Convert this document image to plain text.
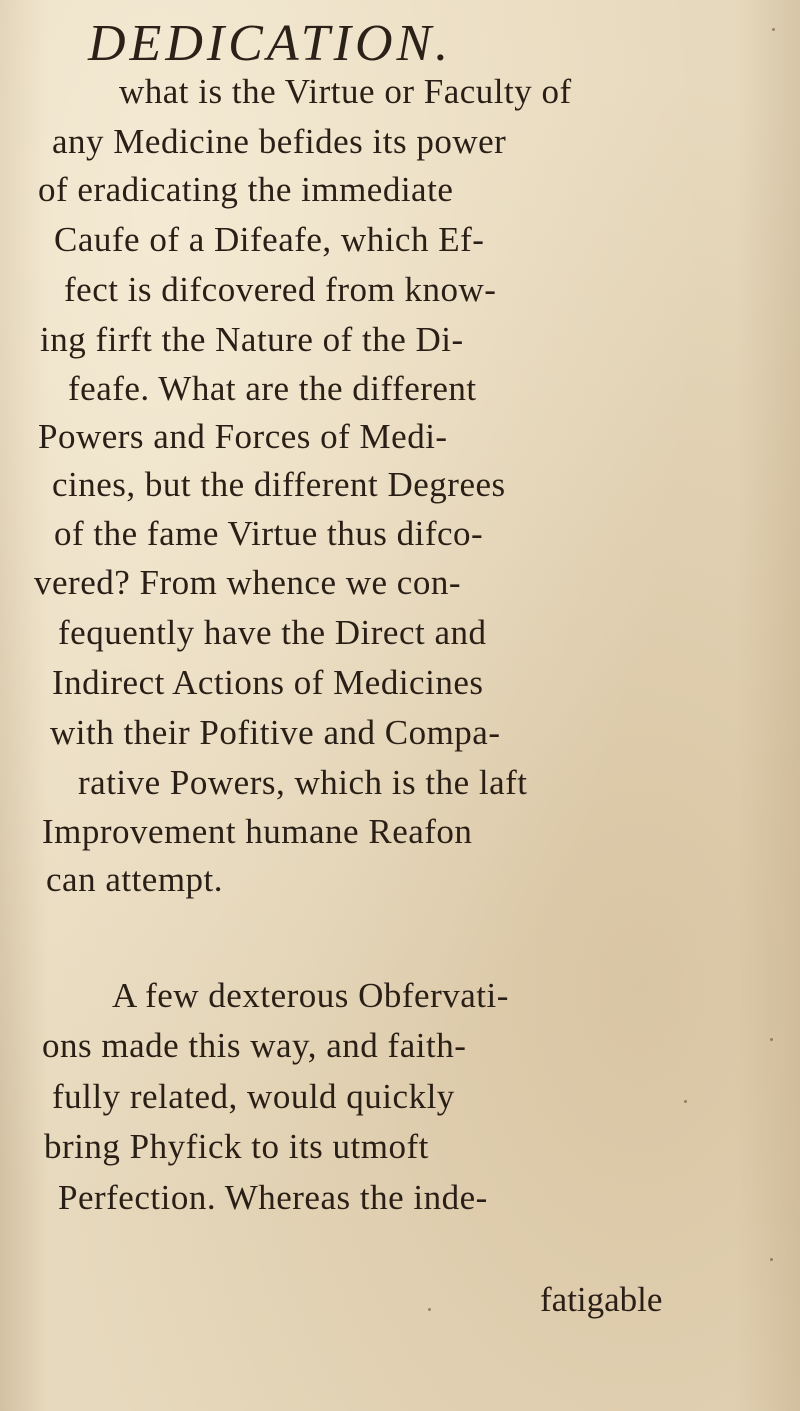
DEDICATION.
what is the Virtue or Faculty of
any Medicine befides its power
of eradicating the immediate
Caufe of a Difeafe, which Ef-
fect is difcovered from know-
ing firft the Nature of the Di-
feafe. What are the different
Powers and Forces of Medi-
cines, but the different Degrees
of the fame Virtue thus difco-
vered? From whence we con-
fequently have the Direct and
Indirect Actions of Medicines
with their Pofitive and Compa-
rative Powers, which is the laft
Improvement humane Reafon
can attempt.
A few dexterous Obfervati-
ons made this way, and faith-
fully related, would quickly
bring Phyfick to its utmoft
Perfection. Whereas the inde-
fatigable
